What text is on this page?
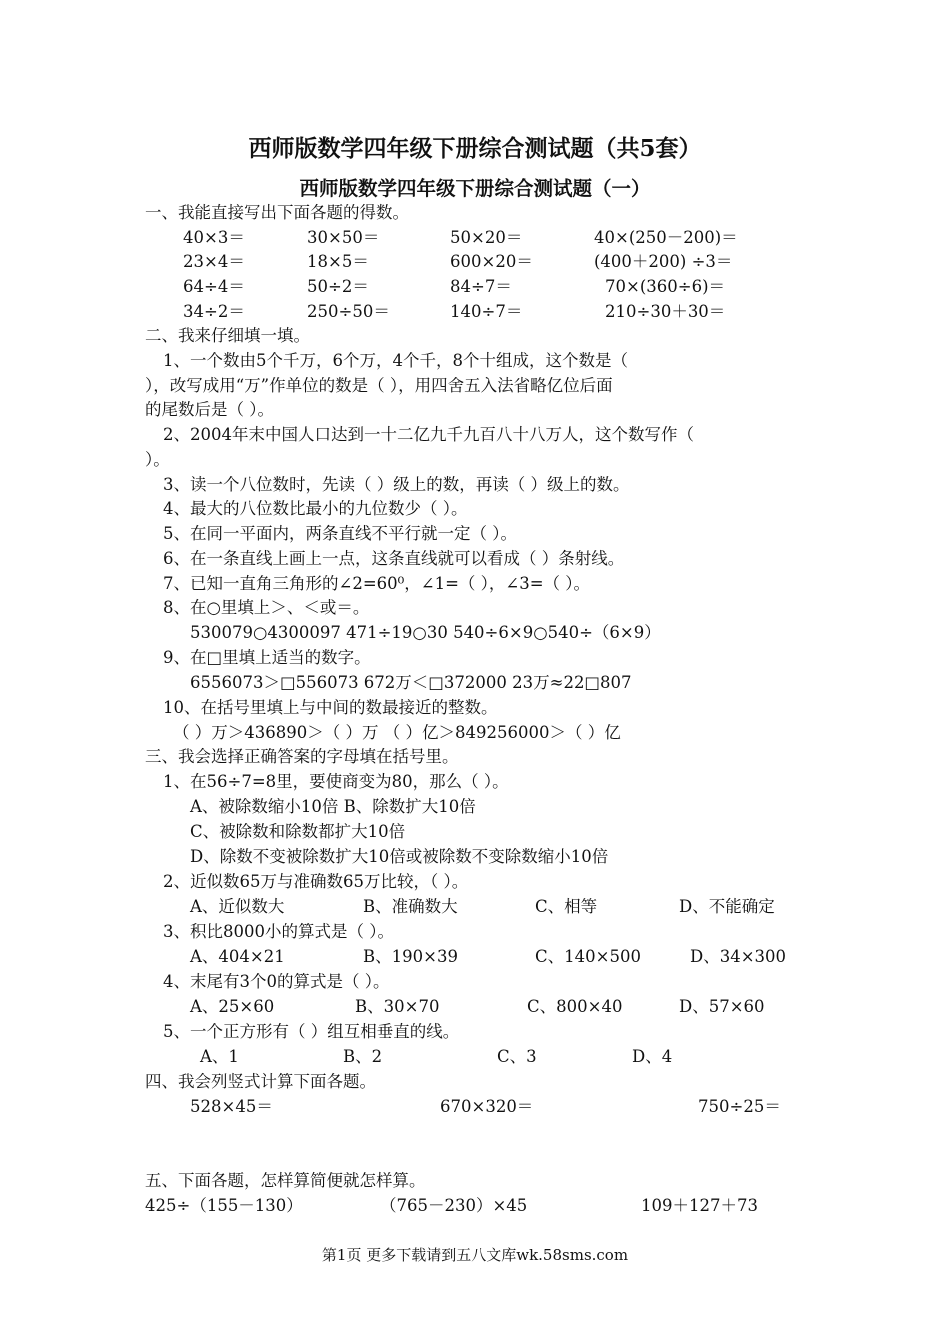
西师版数学四年级下册综合测试题（共5套）
西师版数学四年级下册综合测试题（一）
一、我能直接写出下面各题的得数。
40×3＝	30×50＝	50×20＝	40×(250－200)＝
23×4＝	18×5＝	600×20＝	(400＋200) ÷3＝
64÷4＝	50÷2＝	84÷7＝	70×(360÷6)＝
34÷2＝	250÷50＝	140÷7＝	210÷30＋30＝
二、我来仔细填一填。
1、一个数由5个千万，6个万，4个千，8个十组成，这个数是（
），改写成用“万”作单位的数是（ ），用四舍五入法省略亿位后面
的尾数后是（ ）。
2、2004年末中国人口达到一十二亿九千九百八十八万人，这个数写作（
）。
3、读一个八位数时，先读（ ）级上的数，再读（ ）级上的数。
4、最大的八位数比最小的九位数少（ ）。
5、在同一平面内，两条直线不平行就一定（ ）。
6、在一条直线上画上一点，这条直线就可以看成（ ）条射线。
7、已知一直角三角形的∠2=60⁰，∠1=（ ），∠3=（ ）。
8、在○里填上＞、＜或＝。
530079○4300097 471÷19○30 540÷6×9○540÷（6×9）
9、在□里填上适当的数字。
6556073＞□556073 672万＜□372000 23万≈22□807
10、在括号里填上与中间的数最接近的整数。
（ ）万＞436890＞（ ）万 （ ）亿＞849256000＞（ ）亿
三、我会选择正确答案的字母填在括号里。
1、在56÷7=8里，要使商变为80，那么（ ）。
A、被除数缩小10倍 B、除数扩大10倍
C、被除数和除数都扩大10倍
D、除数不变被除数扩大10倍或被除数不变除数缩小10倍
2、近似数65万与准确数65万比较，（ ）。
A、近似数大	B、准确数大	C、相等	D、不能确定
3、积比8000小的算式是（ ）。
A、404×21	B、190×39	C、140×500	D、34×300
4、末尾有3个0的算式是（ ）。
A、25×60	B、30×70	C、800×40	D、57×60
5、一个正方形有（ ）组互相垂直的线。
A、1	B、2	C、3	D、4
四、我会列竖式计算下面各题。
528×45＝	670×320＝	750÷25＝
五、下面各题，怎样算简便就怎样算。
425÷（155－130）	（765－230）×45	109＋127＋73
第1页 更多下载请到五八文库wk.58sms.com
